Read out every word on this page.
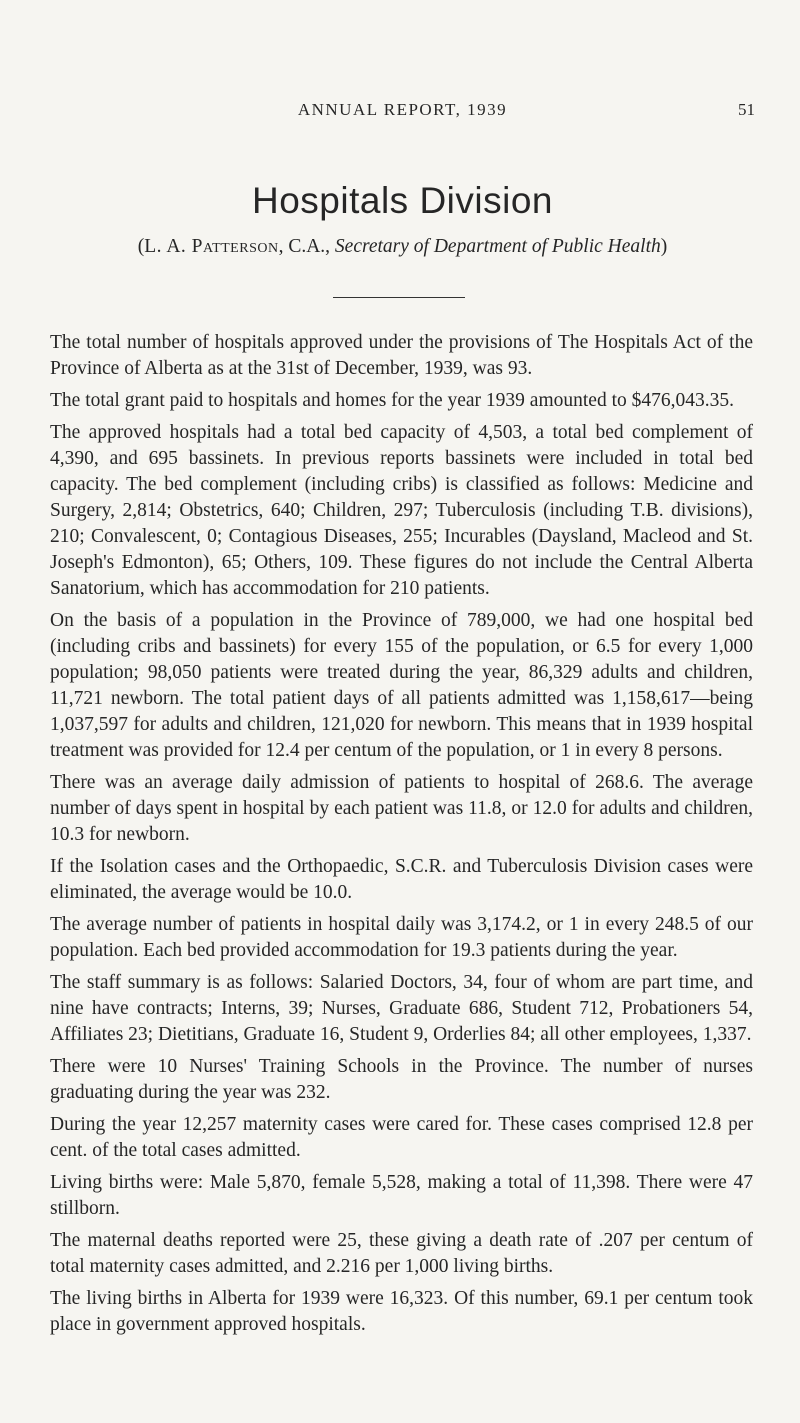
ANNUAL REPORT, 1939	51
Hospitals Division

(L. A. Patterson, C.A., Secretary of Department of Public Health)

The total number of hospitals approved under the provisions of The Hospitals Act of the Province of Alberta as at the 31st of December, 1939, was 93.

The total grant paid to hospitals and homes for the year 1939 amounted to $476,043.35.

The approved hospitals had a total bed capacity of 4,503, a total bed complement of 4,390, and 695 bassinets. In previous reports bassinets were included in total bed capacity. The bed complement (including cribs) is classified as follows: Medicine and Surgery, 2,814; Obstetrics, 640; Children, 297; Tuberculosis (including T.B. divisions), 210; Convalescent, 0; Contagious Diseases, 255; Incurables (Daysland, Macleod and St. Joseph's Edmonton), 65; Others, 109. These figures do not include the Central Alberta Sanatorium, which has accommodation for 210 patients.

On the basis of a population in the Province of 789,000, we had one hospital bed (including cribs and bassinets) for every 155 of the population, or 6.5 for every 1,000 population; 98,050 patients were treated during the year, 86,329 adults and children, 11,721 newborn. The total patient days of all patients admitted was 1,158,617—being 1,037,597 for adults and children, 121,020 for newborn. This means that in 1939 hospital treatment was provided for 12.4 per centum of the population, or 1 in every 8 persons.

There was an average daily admission of patients to hospital of 268.6. The average number of days spent in hospital by each patient was 11.8, or 12.0 for adults and children, 10.3 for newborn.

If the Isolation cases and the Orthopaedic, S.C.R. and Tuberculosis Division cases were eliminated, the average would be 10.0.

The average number of patients in hospital daily was 3,174.2, or 1 in every 248.5 of our population. Each bed provided accommodation for 19.3 patients during the year.

The staff summary is as follows: Salaried Doctors, 34, four of whom are part time, and nine have contracts; Interns, 39; Nurses, Graduate 686, Student 712, Probationers 54, Affiliates 23; Dietitians, Graduate 16, Student 9, Orderlies 84; all other employees, 1,337.

There were 10 Nurses' Training Schools in the Province. The number of nurses graduating during the year was 232.

During the year 12,257 maternity cases were cared for. These cases comprised 12.8 per cent. of the total cases admitted.

Living births were: Male 5,870, female 5,528, making a total of 11,398. There were 47 stillborn.

The maternal deaths reported were 25, these giving a death rate of .207 per centum of total maternity cases admitted, and 2.216 per 1,000 living births.

The living births in Alberta for 1939 were 16,323. Of this number, 69.1 per centum took place in government approved hospitals.
